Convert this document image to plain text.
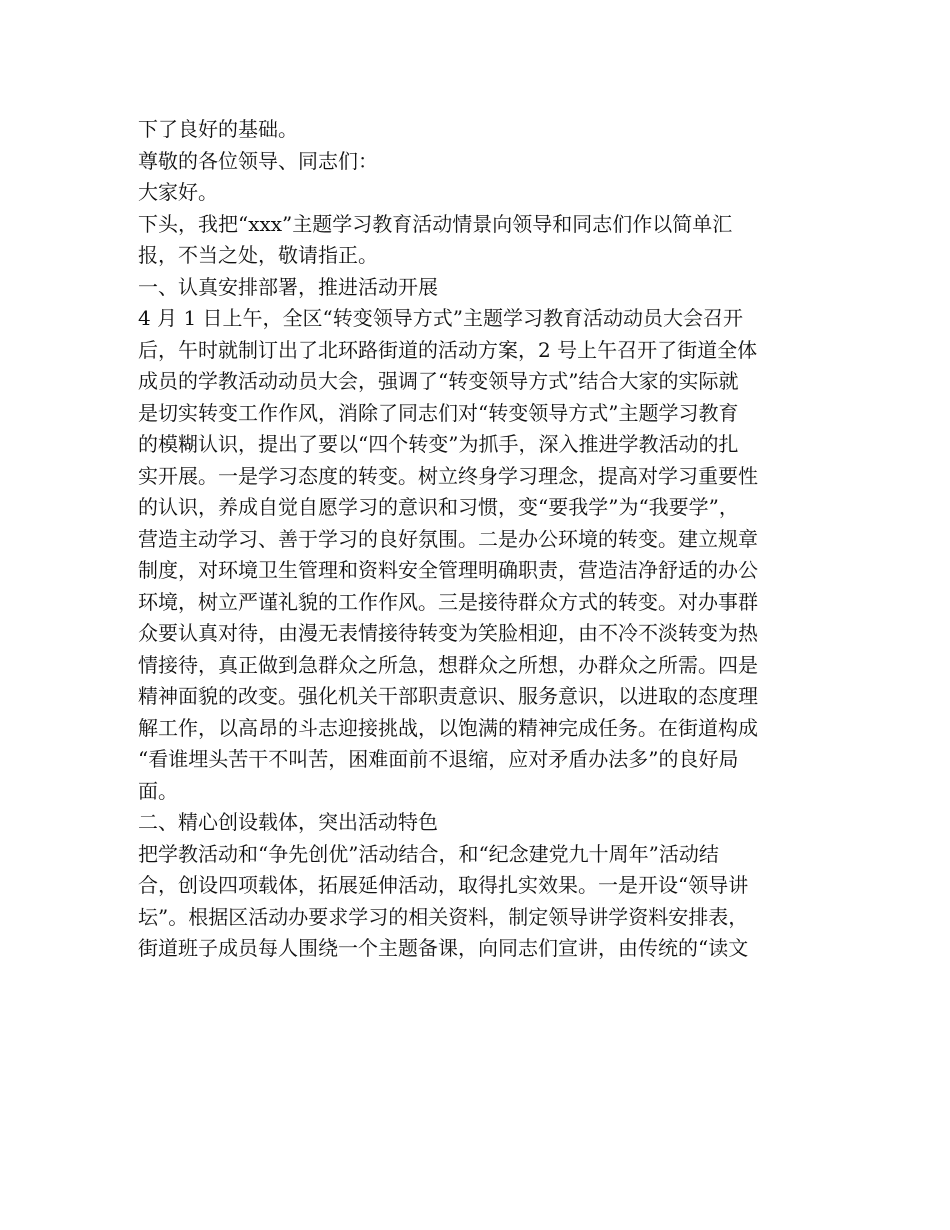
下了良好的基础。
尊敬的各位领导、同志们：
大家好。
下头，我把“xxx”主题学习教育活动情景向领导和同志们作以简单汇
报，不当之处，敬请指正。
一、认真安排部署，推进活动开展
4 月 1 日上午，全区“转变领导方式”主题学习教育活动动员大会召开
后，午时就制订出了北环路街道的活动方案，2 号上午召开了街道全体
成员的学教活动动员大会，强调了“转变领导方式”结合大家的实际就
是切实转变工作作风，消除了同志们对“转变领导方式”主题学习教育
的模糊认识，提出了要以“四个转变”为抓手，深入推进学教活动的扎
实开展。一是学习态度的转变。树立终身学习理念，提高对学习重要性
的认识，养成自觉自愿学习的意识和习惯，变“要我学”为“我要学”，
营造主动学习、善于学习的良好氛围。二是办公环境的转变。建立规章
制度，对环境卫生管理和资料安全管理明确职责，营造洁净舒适的办公
环境，树立严谨礼貌的工作作风。三是接待群众方式的转变。对办事群
众要认真对待，由漫无表情接待转变为笑脸相迎，由不冷不淡转变为热
情接待，真正做到急群众之所急，想群众之所想，办群众之所需。四是
精神面貌的改变。强化机关干部职责意识、服务意识，以进取的态度理
解工作，以高昂的斗志迎接挑战，以饱满的精神完成任务。在街道构成
“看谁埋头苦干不叫苦，困难面前不退缩，应对矛盾办法多”的良好局
面。
二、精心创设载体，突出活动特色
把学教活动和“争先创优”活动结合，和“纪念建党九十周年”活动结
合，创设四项载体，拓展延伸活动，取得扎实效果。一是开设“领导讲
坛”。根据区活动办要求学习的相关资料，制定领导讲学资料安排表，
街道班子成员每人围绕一个主题备课，向同志们宣讲，由传统的“读文
